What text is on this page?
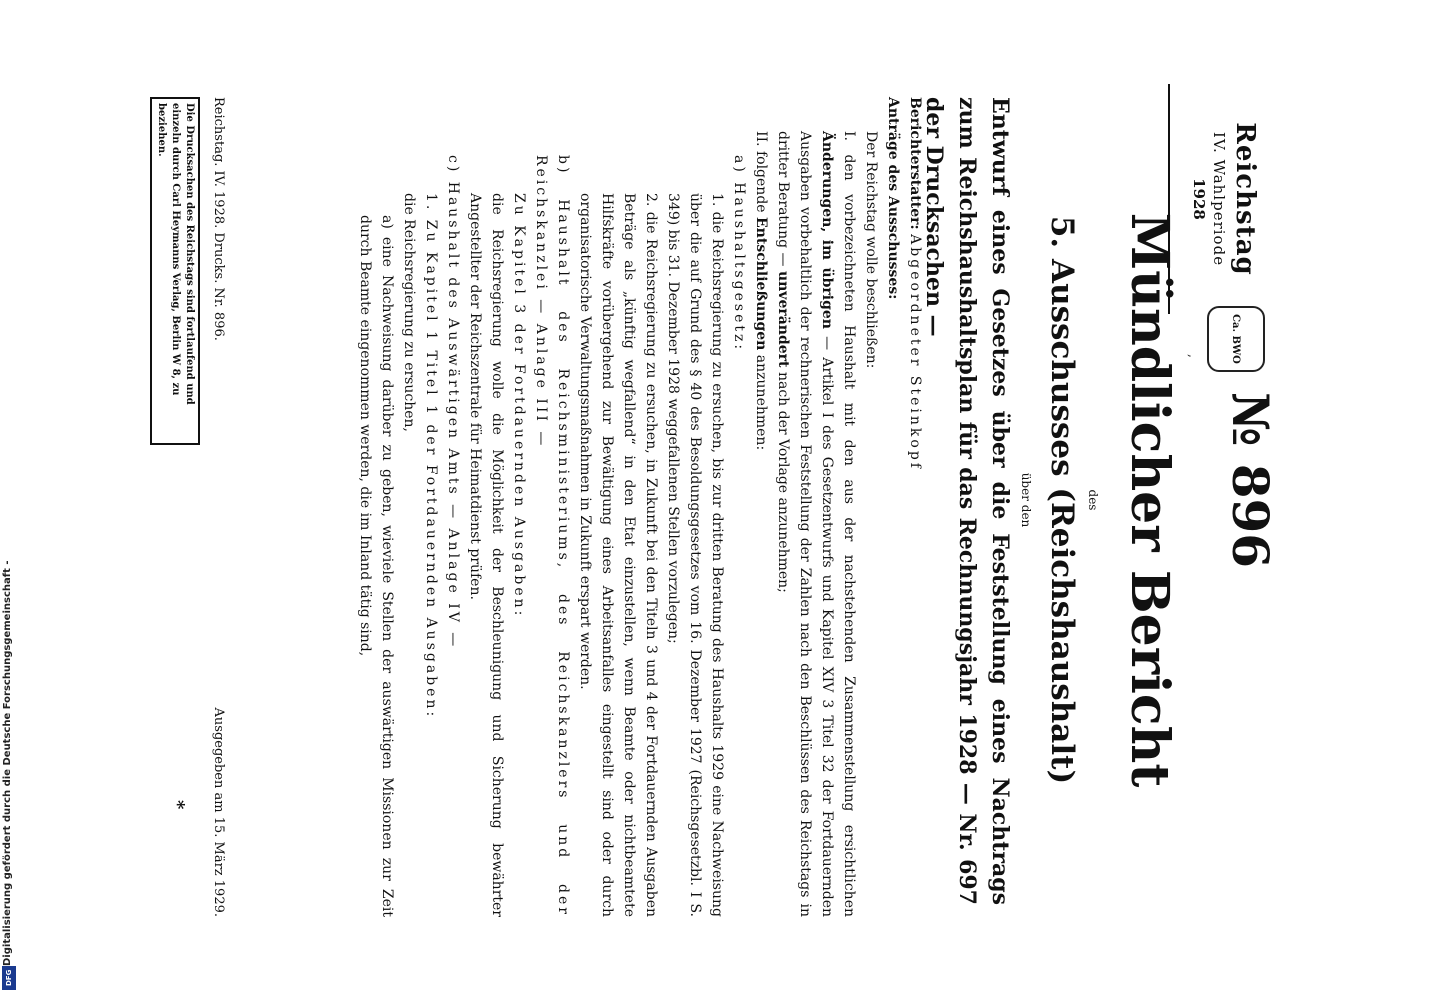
Reichstag
IV. Wahlperiode
1928
Ca. BWO
,
№ 896
Mündlicher Bericht
des
5. Ausschusses (Reichshaushalt)
über den
Entwurf eines Gesetzes über die Feststellung eines Nachtrags zum Reichshaushaltsplan für das Rechnungsjahr 1928 — Nr. 697 der Drucksachen —

Berichterstatter: Abgeordneter Steinkopf

Anträge des Ausschusses:

Der Reichstag wolle beschließen:

I. den vorbezeichneten Haushalt mit den aus der nachstehenden Zusammenstellung ersichtlichen Änderungen, im übrigen — Artikel I des Gesetzentwurfs und Kapitel XIV 3 Titel 32 der Fortdauernden Ausgaben vorbehaltlich der rechnerischen Feststellung der Zahlen nach den Beschlüssen des Reichstags in dritter Beratung — unverändert nach der Vorlage anzunehmen;

II. folgende Entschließungen anzunehmen:

a) Haushaltsgesetz:

1. die Reichsregierung zu ersuchen, bis zur dritten Beratung des Haushalts 1929 eine Nachweisung über die auf Grund des § 40 des Besoldungsgesetzes vom 16. Dezember 1927 (Reichsgesetzbl. I S. 349) bis 31. Dezember 1928 weggefallenen Stellen vorzulegen;

2. die Reichsregierung zu ersuchen, in Zukunft bei den Titeln 3 und 4 der Fortdauernden Ausgaben Beträge als „künftig wegfallend“ in den Etat einzustellen, wenn Beamte oder nichtbeamtete Hilfskräfte vorübergehend zur Bewältigung eines Arbeitsanfalles eingestellt sind oder durch organisatorische Verwaltungsmaßnahmen in Zukunft erspart werden.

b) Haushalt des Reichsministeriums, des Reichskanzlers und der Reichskanzlei — Anlage III —

Zu Kapitel 3 der Fortdauernden Ausgaben:

die Reichsregierung wolle die Möglichkeit der Beschleunigung und Sicherung bewährter Angestellter der Reichszentrale für Heimatdienst prüfen.

c) Haushalt des Auswärtigen Amts — Anlage IV —

1. Zu Kapitel 1 Titel 1 der Fortdauernden Ausgaben:

die Reichsregierung zu ersuchen,

a) eine Nachweisung darüber zu geben, wieviele Stellen der auswärtigen Missionen zur Zeit durch Beamte eingenommen werden, die im Inland tätig sind,

Reichstag. IV. 1928. Drucks. Nr. 896.
Ausgegeben am 15. März 1929.
Die Drucksachen des Reichstags sind fortlaufend und einzeln durch Carl Heymanns Verlag, Berlin W 8, zu beziehen.
*
Digitalisierung gefördert durch die Deutsche Forschungsgemeinschaft -
DFG
